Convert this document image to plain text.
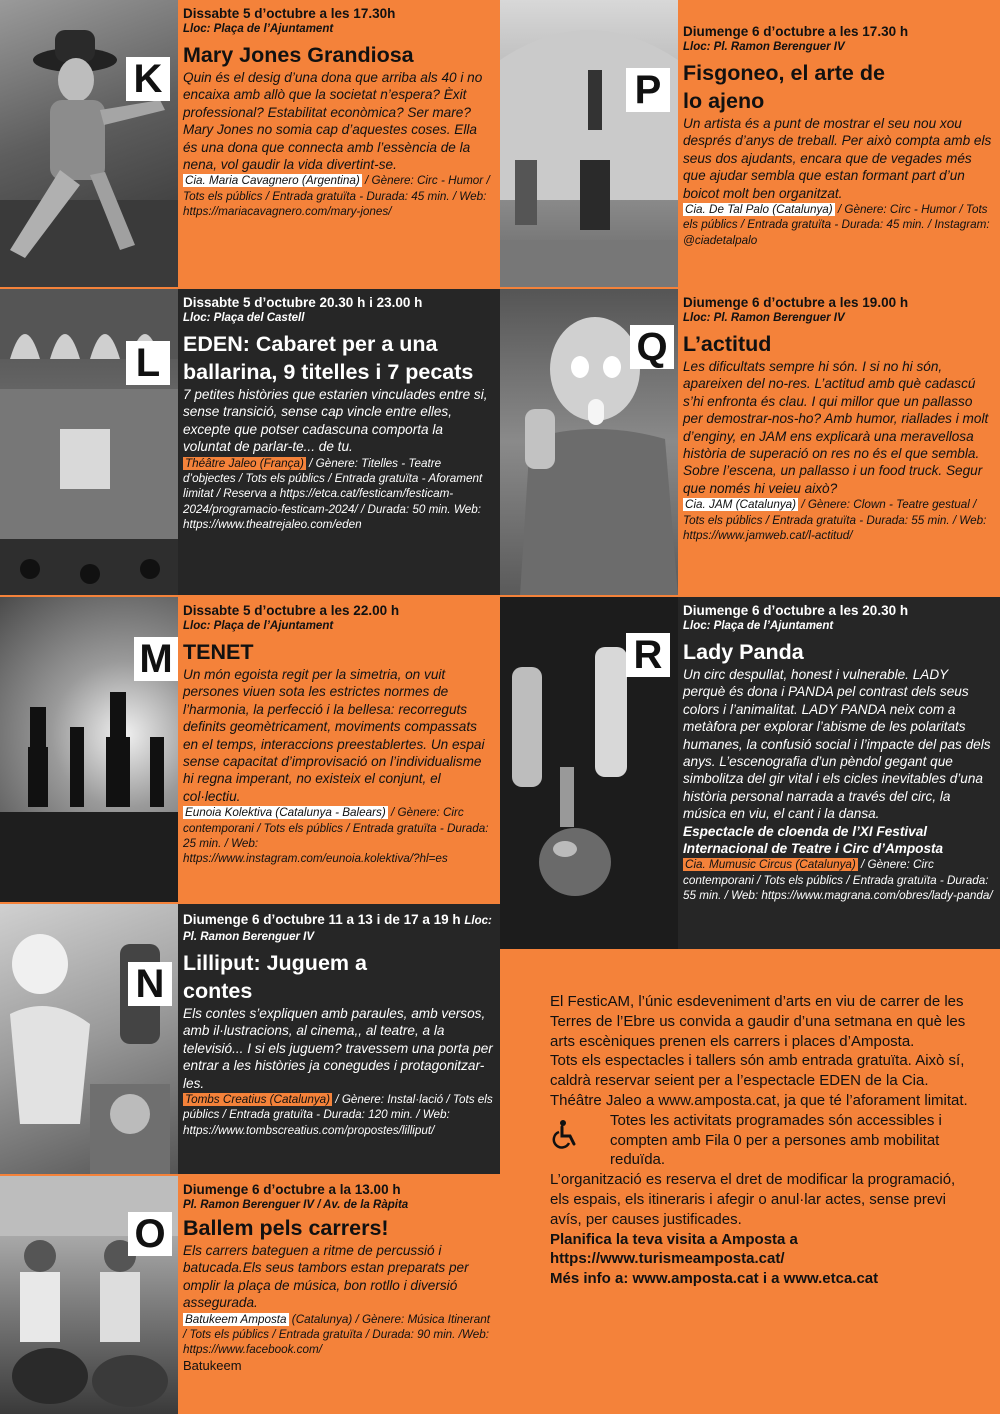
K
Dissabte 5 d’octubre a les 17.30h
Lloc: Plaça de l’Ajuntament
Mary Jones Grandiosa
Quin és el desig d’una dona que arriba als 40 i no encaixa amb allò que la societat n’espera? Èxit professional? Estabilitat econòmica? Ser mare? Mary Jones no somia cap d’aquestes coses. Ella és una dona que connecta amb l’essència de la nena, vol gaudir la vida divertint-se.
Cia. Maria Cavagnero (Argentina) / Gènere: Circ - Humor / Tots els públics / Entrada gratuïta - Durada: 45 min. / Web: https://mariacavagnero.com/mary-jones/
L
Dissabte 5 d’octubre 20.30 h i 23.00 h
Lloc: Plaça del Castell
EDEN: Cabaret per a una ballarina, 9 titelles i 7 pecats
7 petites històries que estarien vinculades entre si, sense transició, sense cap vincle entre elles, excepte que potser cadascuna comporta la voluntat de parlar-te... de tu.
Théâtre Jaleo (França) / Gènere: Titelles - Teatre d’objectes / Tots els públics / Entrada gratuïta - Aforament limitat / Reserva a https://etca.cat/festicam/festicam-2024/programacio-festicam-2024/ / Durada: 50 min. Web: https://www.theatrejaleo.com/eden
M
Dissabte 5 d’octubre a les 22.00 h
Lloc: Plaça de l’Ajuntament
TENET
Un món egoista regit per la simetria, on vuit persones viuen sota les estrictes normes de l’harmonia, la perfecció i la bellesa: recorreguts definits geomètricament, moviments compassats en el temps, interaccions preestablertes. Un espai sense capacitat d’improvisació on l’individualisme hi regna imperant, no existeix el conjunt, el col·lectiu.
Eunoia Kolektiva (Catalunya - Balears) / Gènere: Circ contemporani / Tots els públics / Entrada gratuïta - Durada: 25 min. / Web: https://www.instagram.com/eunoia.kolektiva/?hl=es
N
Diumenge 6 d’octubre 11 a 13 i de 17 a 19 h Lloc: Pl. Ramon Berenguer IV
Lilliput: Juguem a contes
Els contes s’expliquen amb paraules, amb versos, amb il·lustracions, al cinema,, al teatre, a la televisió... I si els juguem? travessem una porta per entrar a les històries ja conegudes i protagonitzar-les.
Tombs Creatius (Catalunya) / Gènere: Instal·lació / Tots els públics / Entrada gratuïta - Durada: 120 min. / Web: https://www.tombscreatius.com/propostes/lilliput/
O
Diumenge 6 d’octubre a la 13.00 h
Pl. Ramon Berenguer IV / Av. de la Ràpita
Ballem pels carrers!
Els carrers bateguen a ritme de percussió i batucada.Els seus tambors estan preparats per omplir la plaça de música, bon rotllo i diversió assegurada.
Batukeem Amposta (Catalunya) / Gènere: Música Itinerant / Tots els públics / Entrada gratuïta / Durada: 90 min. /Web: https://www.facebook.com/
Batukeem
P
Diumenge 6 d’octubre a les 17.30 h
Lloc: Pl. Ramon Berenguer IV
Fisgoneo, el arte de lo ajeno
Un artista és a punt de mostrar el seu nou xou després d’anys de treball. Per això compta amb els seus dos ajudants, encara que de vegades més que ajudar sembla que estan formant part d’un boicot molt ben organitzat.
Cia. De Tal Palo (Catalunya) / Gènere: Circ - Humor / Tots els públics / Entrada gratuïta - Durada: 45 min. / Instagram: @ciadetalpalo
Q
Diumenge 6 d’octubre a les 19.00 h
Lloc: Pl. Ramon Berenguer IV
L’actitud
Les dificultats sempre hi són. I si no hi són, apareixen del no-res. L’actitud amb què cadascú s’hi enfronta és clau. I qui millor que un pallasso per demostrar-nos-ho? Amb humor, riallades i molt d’enginy, en JAM ens explicarà una meravellosa història de superació on res no és el que sembla. Sobre l’escena, un pallasso i un food truck. Segur que només hi veieu això?
Cia. JAM (Catalunya) / Gènere: Clown - Teatre gestual / Tots els públics / Entrada gratuïta - Durada: 55 min. / Web: https://www.jamweb.cat/l-actitud/
R
Diumenge 6 d’octubre a les 20.30 h
Lloc: Plaça de l’Ajuntament
Lady Panda
Un circ despullat, honest i vulnerable. LADY perquè és dona i PANDA pel contrast dels seus colors i l’animalitat. LADY PANDA neix com a metàfora per explorar l’abisme de les polaritats humanes, la confusió social i l’impacte del pas dels anys. L’escenografia d’un pèndol gegant que simbolitza del gir vital i els cicles inevitables d’una història personal narrada a través del circ, la música en viu, el cant i la dansa.
Espectacle de cloenda de l’XI Festival Internacional de Teatre i Circ d’Amposta
Cia. Mumusic Circus (Catalunya) / Gènere: Circ contemporani / Tots els públics / Entrada gratuïta - Durada: 55 min. / Web: https://www.magrana.com/obres/lady-panda/

El FesticAM, l’únic esdeveniment d’arts en viu de carrer de les Terres de l’Ebre us convida a gaudir d’una setmana en què les arts escèniques prenen els carrers i places d’Amposta.

Tots els espectacles i tallers són amb entrada gratuïta. Això sí, caldrà reservar seient per a l’espectacle EDEN de la Cia. Théâtre Jaleo a www.amposta.cat, ja que té l’aforament limitat.

Totes les activitats programades són accessibles i compten amb Fila 0 per a persones amb mobilitat reduïda.

L’organització es reserva el dret de modificar la programació, els espais, els itineraris i afegir o anul·lar actes, sense previ avís, per causes justificades.

Planifica la teva visita a Amposta a https://www.turismeamposta.cat/

Més info a: www.amposta.cat i a www.etca.cat
